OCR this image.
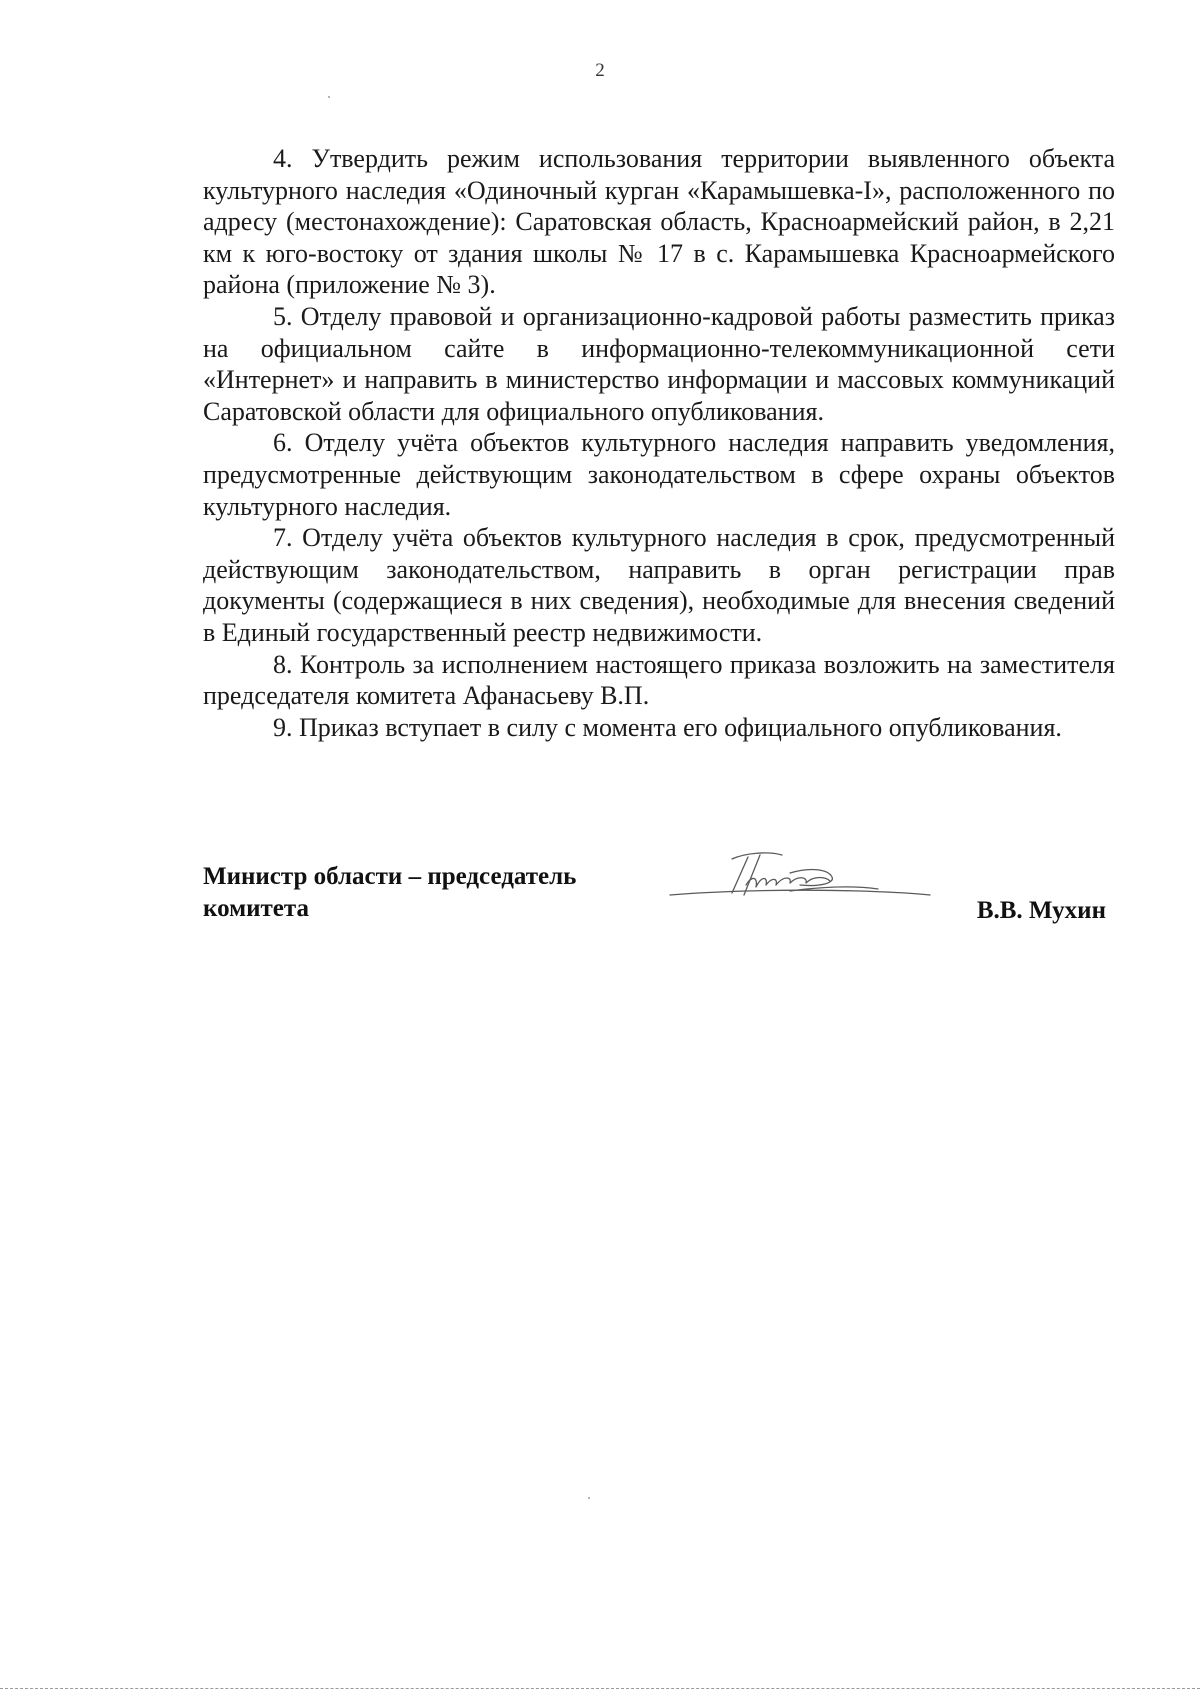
2

4. Утвердить режим использования территории выявленного объекта культурного наследия «Одиночный курган «Карамышевка-I», расположенного по адресу (местонахождение): Саратовская область, Красноармейский район, в 2,21 км к юго-востоку от здания школы № 17 в с. Карамышевка Красноармейского района (приложение № 3).

5. Отделу правовой и организационно-кадровой работы разместить приказ на официальном сайте в информационно-телекоммуникационной сети «Интернет» и направить в министерство информации и массовых коммуникаций Саратовской области для официального опубликования.

6. Отделу учёта объектов культурного наследия направить уведомления, предусмотренные действующим законодательством в сфере охраны объектов культурного наследия.

7. Отделу учёта объектов культурного наследия в срок, предусмотренный действующим законодательством, направить в орган регистрации прав документы (содержащиеся в них сведения), необходимые для внесения сведений в Единый государственный реестр недвижимости.

8. Контроль за исполнением настоящего приказа возложить на заместителя председателя комитета Афанасьеву В.П.

9. Приказ вступает в силу с момента его официального опубликования.

Министр области – председатель
комитета	В.В. Мухин
